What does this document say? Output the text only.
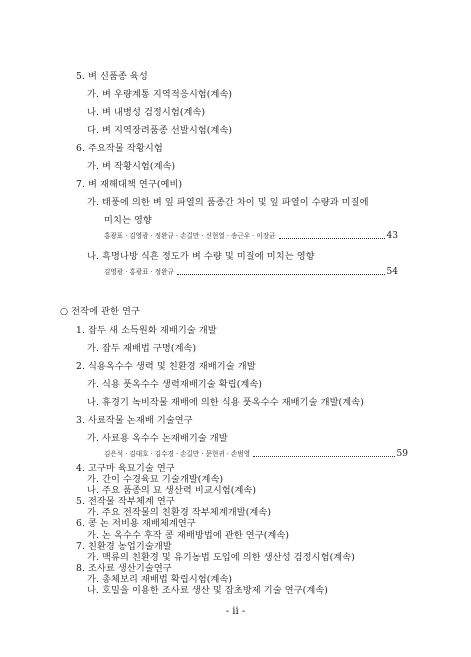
5. 벼 신품종 육성
가. 벼 우량계통 지역적응시험(계속)
나. 벼 내병성 검정시험(계속)
다. 벼 지역장려품종 선발시험(계속)
6. 주요작물 작황시험
가. 벼 작황시험(계속)
7. 벼 재해대책 연구(예비)
가. 태풍에 의한 벼 잎 파열의 품종간 차이 및 잎 파열이 수량과 미질에
미치는 영향
홍광표 · 김영광 · 정완규 · 손길만 · 신현열 · 송근우 · 이장균	43
나. 흑명나방 식흔 정도가 벼 수량 및 미질에 미치는 영향
김영광 · 홍광표 · 정완규	54
○ 전작에 관한 연구
1. 잡두 새 소득원화 재배기술 개발
가. 잡두 재배법 구명(계속)
2. 식용옥수수 생력 및 친환경 재배기술 개발
가. 식용 풋옥수수 생력재배기술 확립(계속)
나. 휴경기 녹비작물 재배에 의한 식용 풋옥수수 재배기술 개발(계속)
3. 사료작물 논재배 기술연구
가. 사료용 옥수수 논재배기술 개발
김은석 · 김대호 · 김수경 · 손길만 · 문현귀 · 손범영	59
4. 고구마 육묘기술 연구
가. 간이 수경육묘 기술개발(계속)
나. 주요 품종의 묘 생산력 비교시험(계속)
5. 전작물 작부체계 연구
가. 주요 전작물의 친환경 작부체계개발(계속)
6. 콩 논 저비용 재배체계연구
가. 논 옥수수 후작 콩 재배방법에 관한 연구(계속)
- ii -
7. 친환경 농업기술개발
가. 맥류의 친환경 및 유기농법 도입에 의한 생산성 검정시험(계속)
8. 조사료 생산기술연구
가. 총체보리 재배법 확립시험(계속)
나. 호밀을 이용한 조사료 생산 및 잡초방제 기술 연구(계속)
